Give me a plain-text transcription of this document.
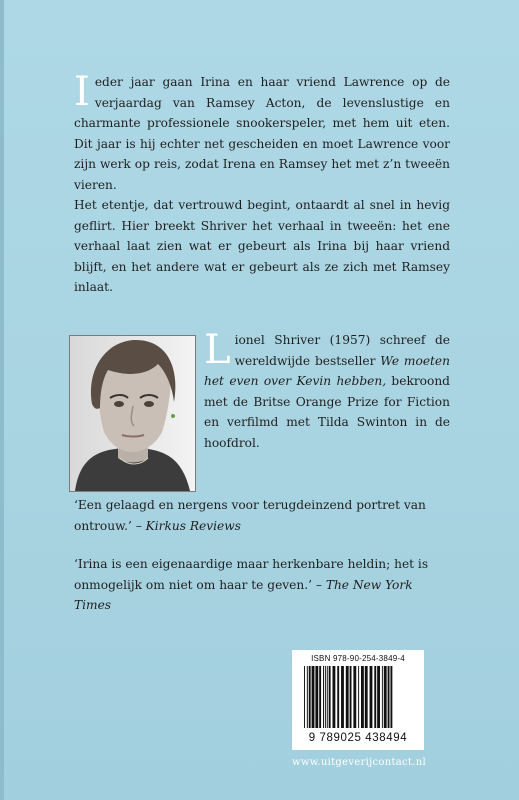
Ieder jaar gaan Irina en haar vriend Lawrence op de verjaardag van Ramsey Acton, de levenslustige en charmante professionele snookerspeler, met hem uit eten. Dit jaar is hij echter net gescheiden en moet Lawrence voor zijn werk op reis, zodat Irena en Ramsey het met z’n tweeën vieren.

Het etentje, dat vertrouwd begint, ontaardt al snel in hevig geflirt. Hier breekt Shriver het verhaal in tweeën: het ene verhaal laat zien wat er gebeurt als Irina bij haar vriend blijft, en het andere wat er gebeurt als ze zich met Ramsey inlaat.

Lionel Shriver (1957) schreef de wereldwijde bestseller We moeten het even over Kevin hebben, bekroond met de Britse Orange Prize for Fiction en verfilmd met Tilda Swinton in de hoofdrol.
‘Een gelaagd en nergens voor terugdeinzend portret van ontrouw.’ – Kirkus Reviews
‘Irina is een eigenaardige maar herkenbare heldin; het is onmogelijk om niet om haar te geven.’ – The New York Times
ISBN 978-90-254-3849-4
9 789025 438494
www.uitgeverijcontact.nl
